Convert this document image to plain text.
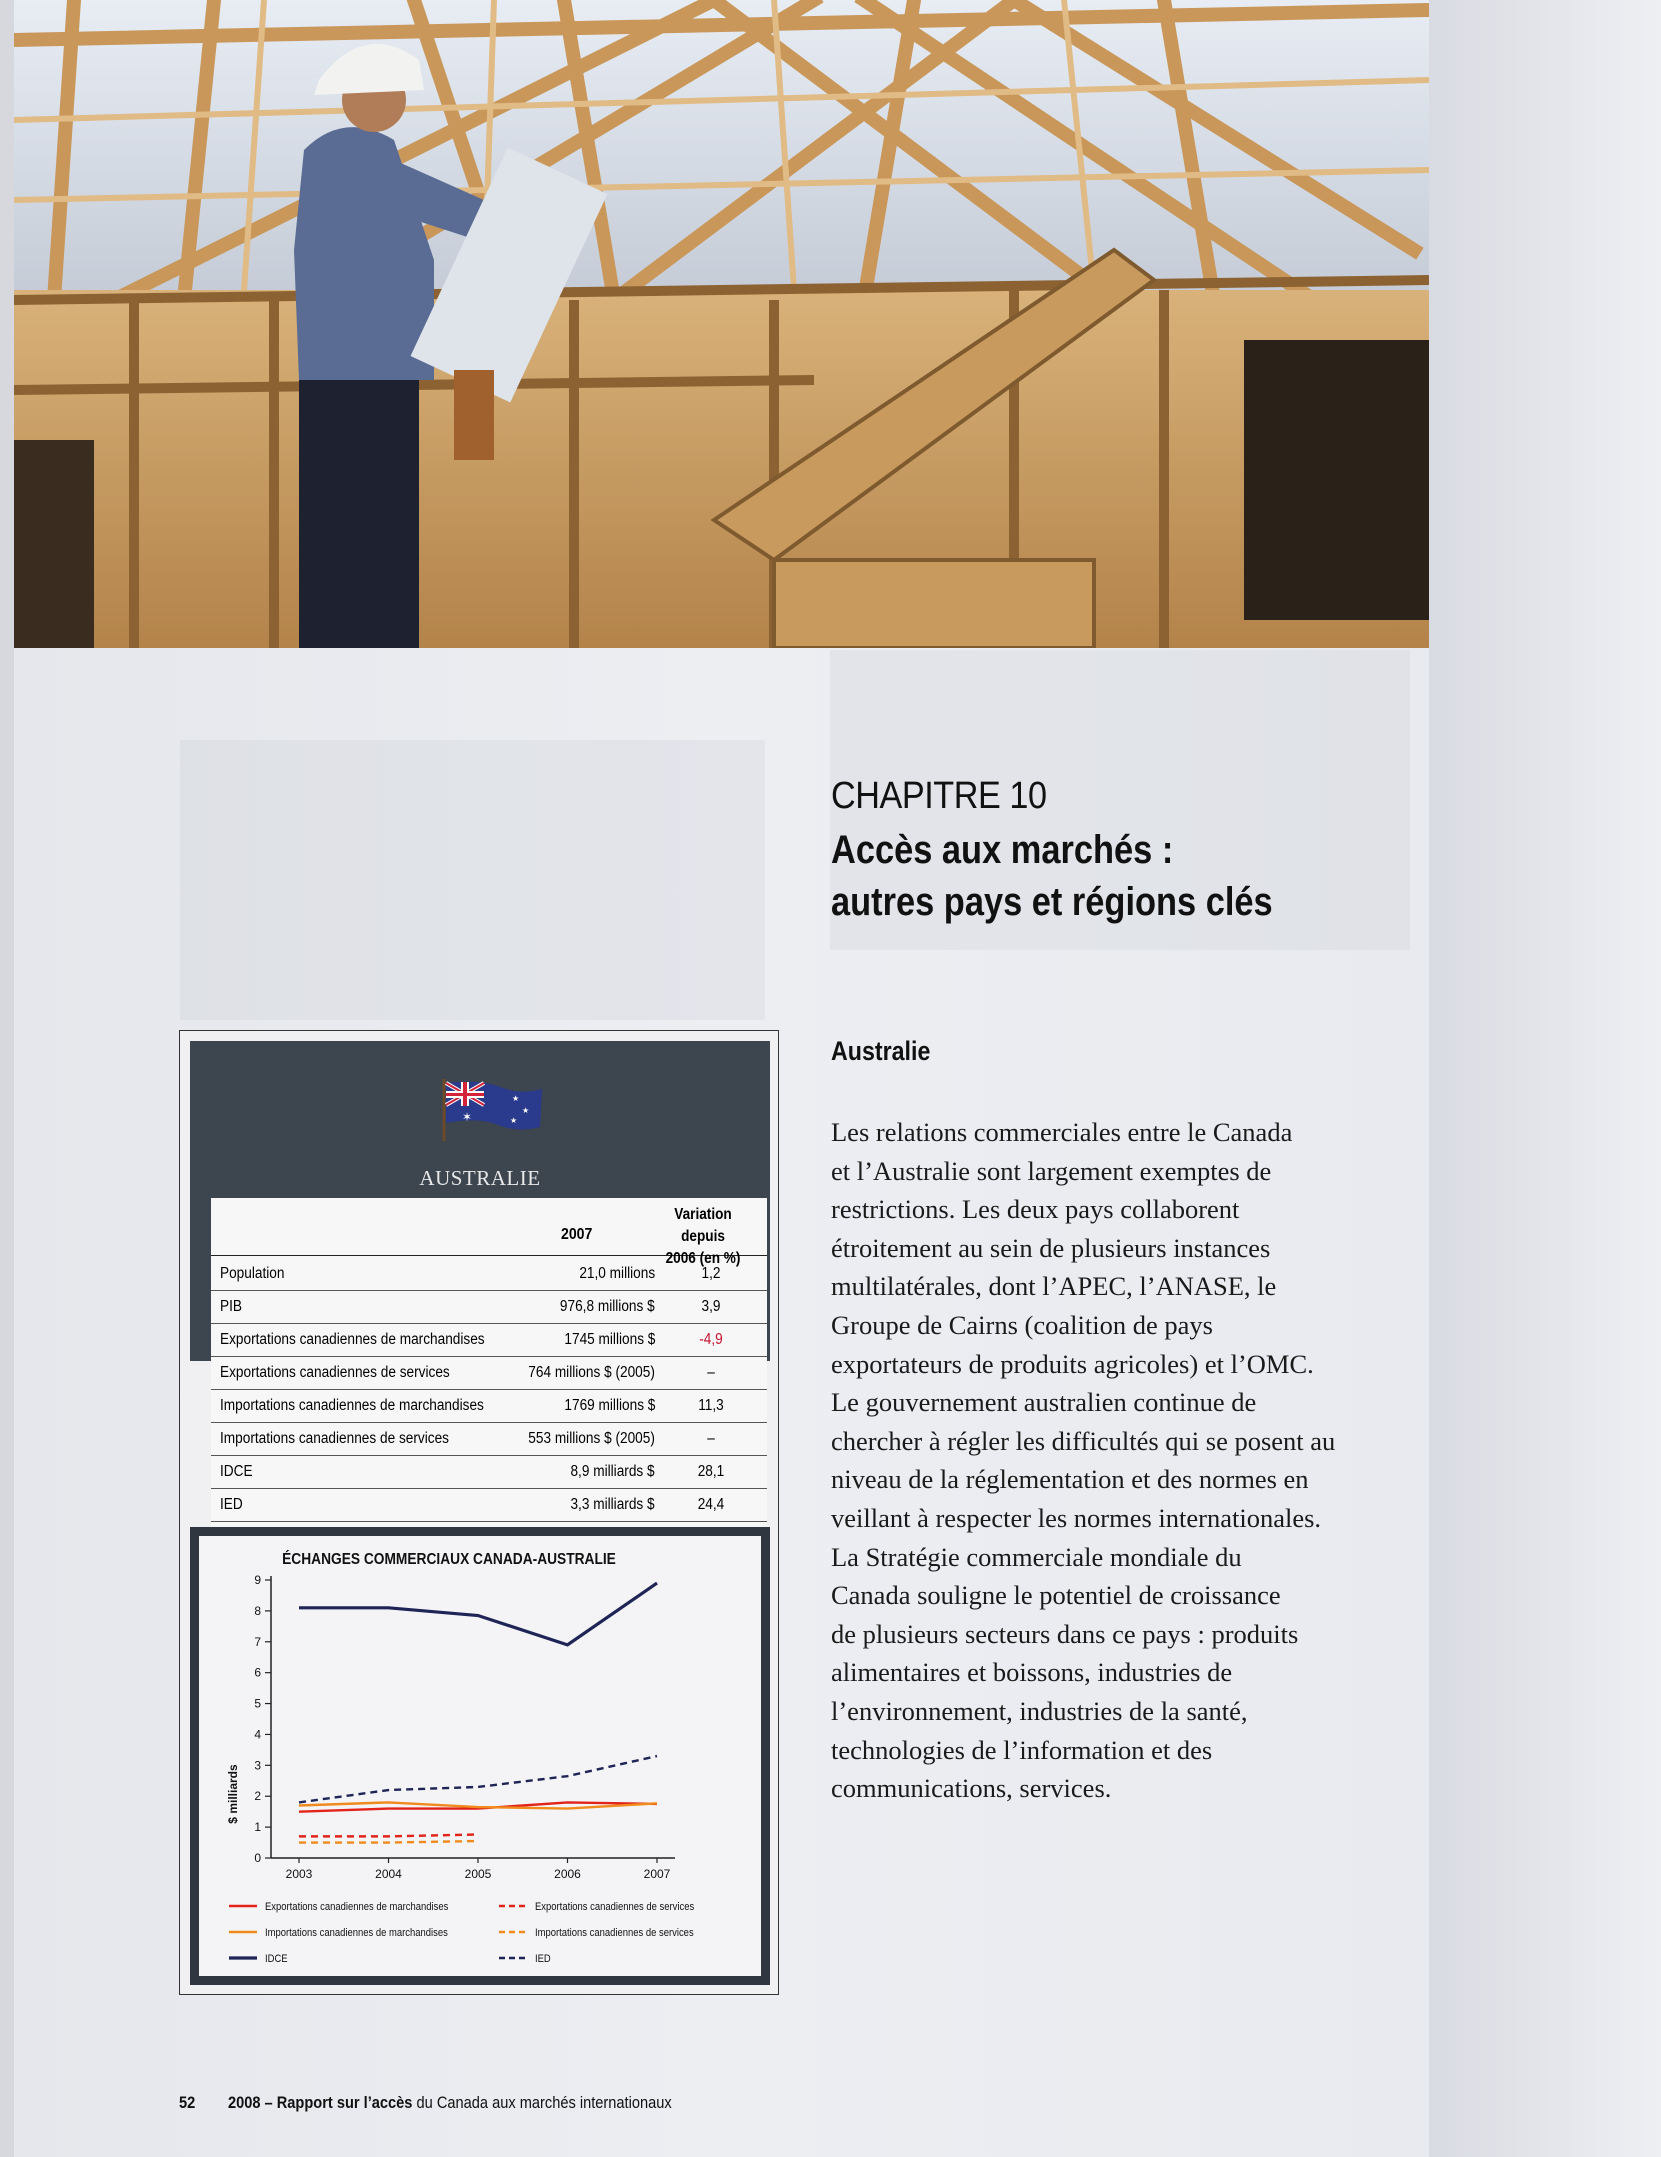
CHAPITRE 10
Accès aux marchés :
autres pays et régions clés
Australie

Les relations commerciales entre le Canada

et l’Australie sont largement exemptes de

restrictions. Les deux pays collaborent

étroitement au sein de plusieurs instances

multilatérales, dont l’APEC, l’ANASE, le

Groupe de Cairns (coalition de pays

exportateurs de produits agricoles) et l’OMC.

Le gouvernement australien continue de

chercher à régler les difficultés qui se posent au

niveau de la réglementation et des normes en

veillant à respecter les normes internationales.

La Stratégie commerciale mondiale du

Canada souligne le potentiel de croissance

de plusieurs secteurs dans ce pays : produits

alimentaires et boissons, industries de

l’environnement, industries de la santé,

technologies de l’information et des

communications, services.

✶
★
★
★
AUSTRALIE
2007
Variation depuis
2006 (en %)
Population	21,0 millions	1,2
PIB	976,8 millions $	3,9
Exportations canadiennes de marchandises	1745 millions $	-4,9
Exportations canadiennes de services	764 millions $ (2005)	–
Importations canadiennes de marchandises	1769 millions $	11,3
Importations canadiennes de services	553 millions $ (2005)	–
IDCE	8,9 milliards $	28,1
IED	3,3 milliards $	24,4
ÉCHANGES COMMERCIAUX CANADA-AUSTRALIE
$ milliards
0
1
2
3
4
5
6
7
8
9
2003	2004	2005	2006	2007
Exportations canadiennes de marchandises	Exportations canadiennes de services
Importations canadiennes de marchandises	Importations canadiennes de services
IDCE	IED
52 2008 – Rapport sur l’accès du Canada aux marchés internationaux
